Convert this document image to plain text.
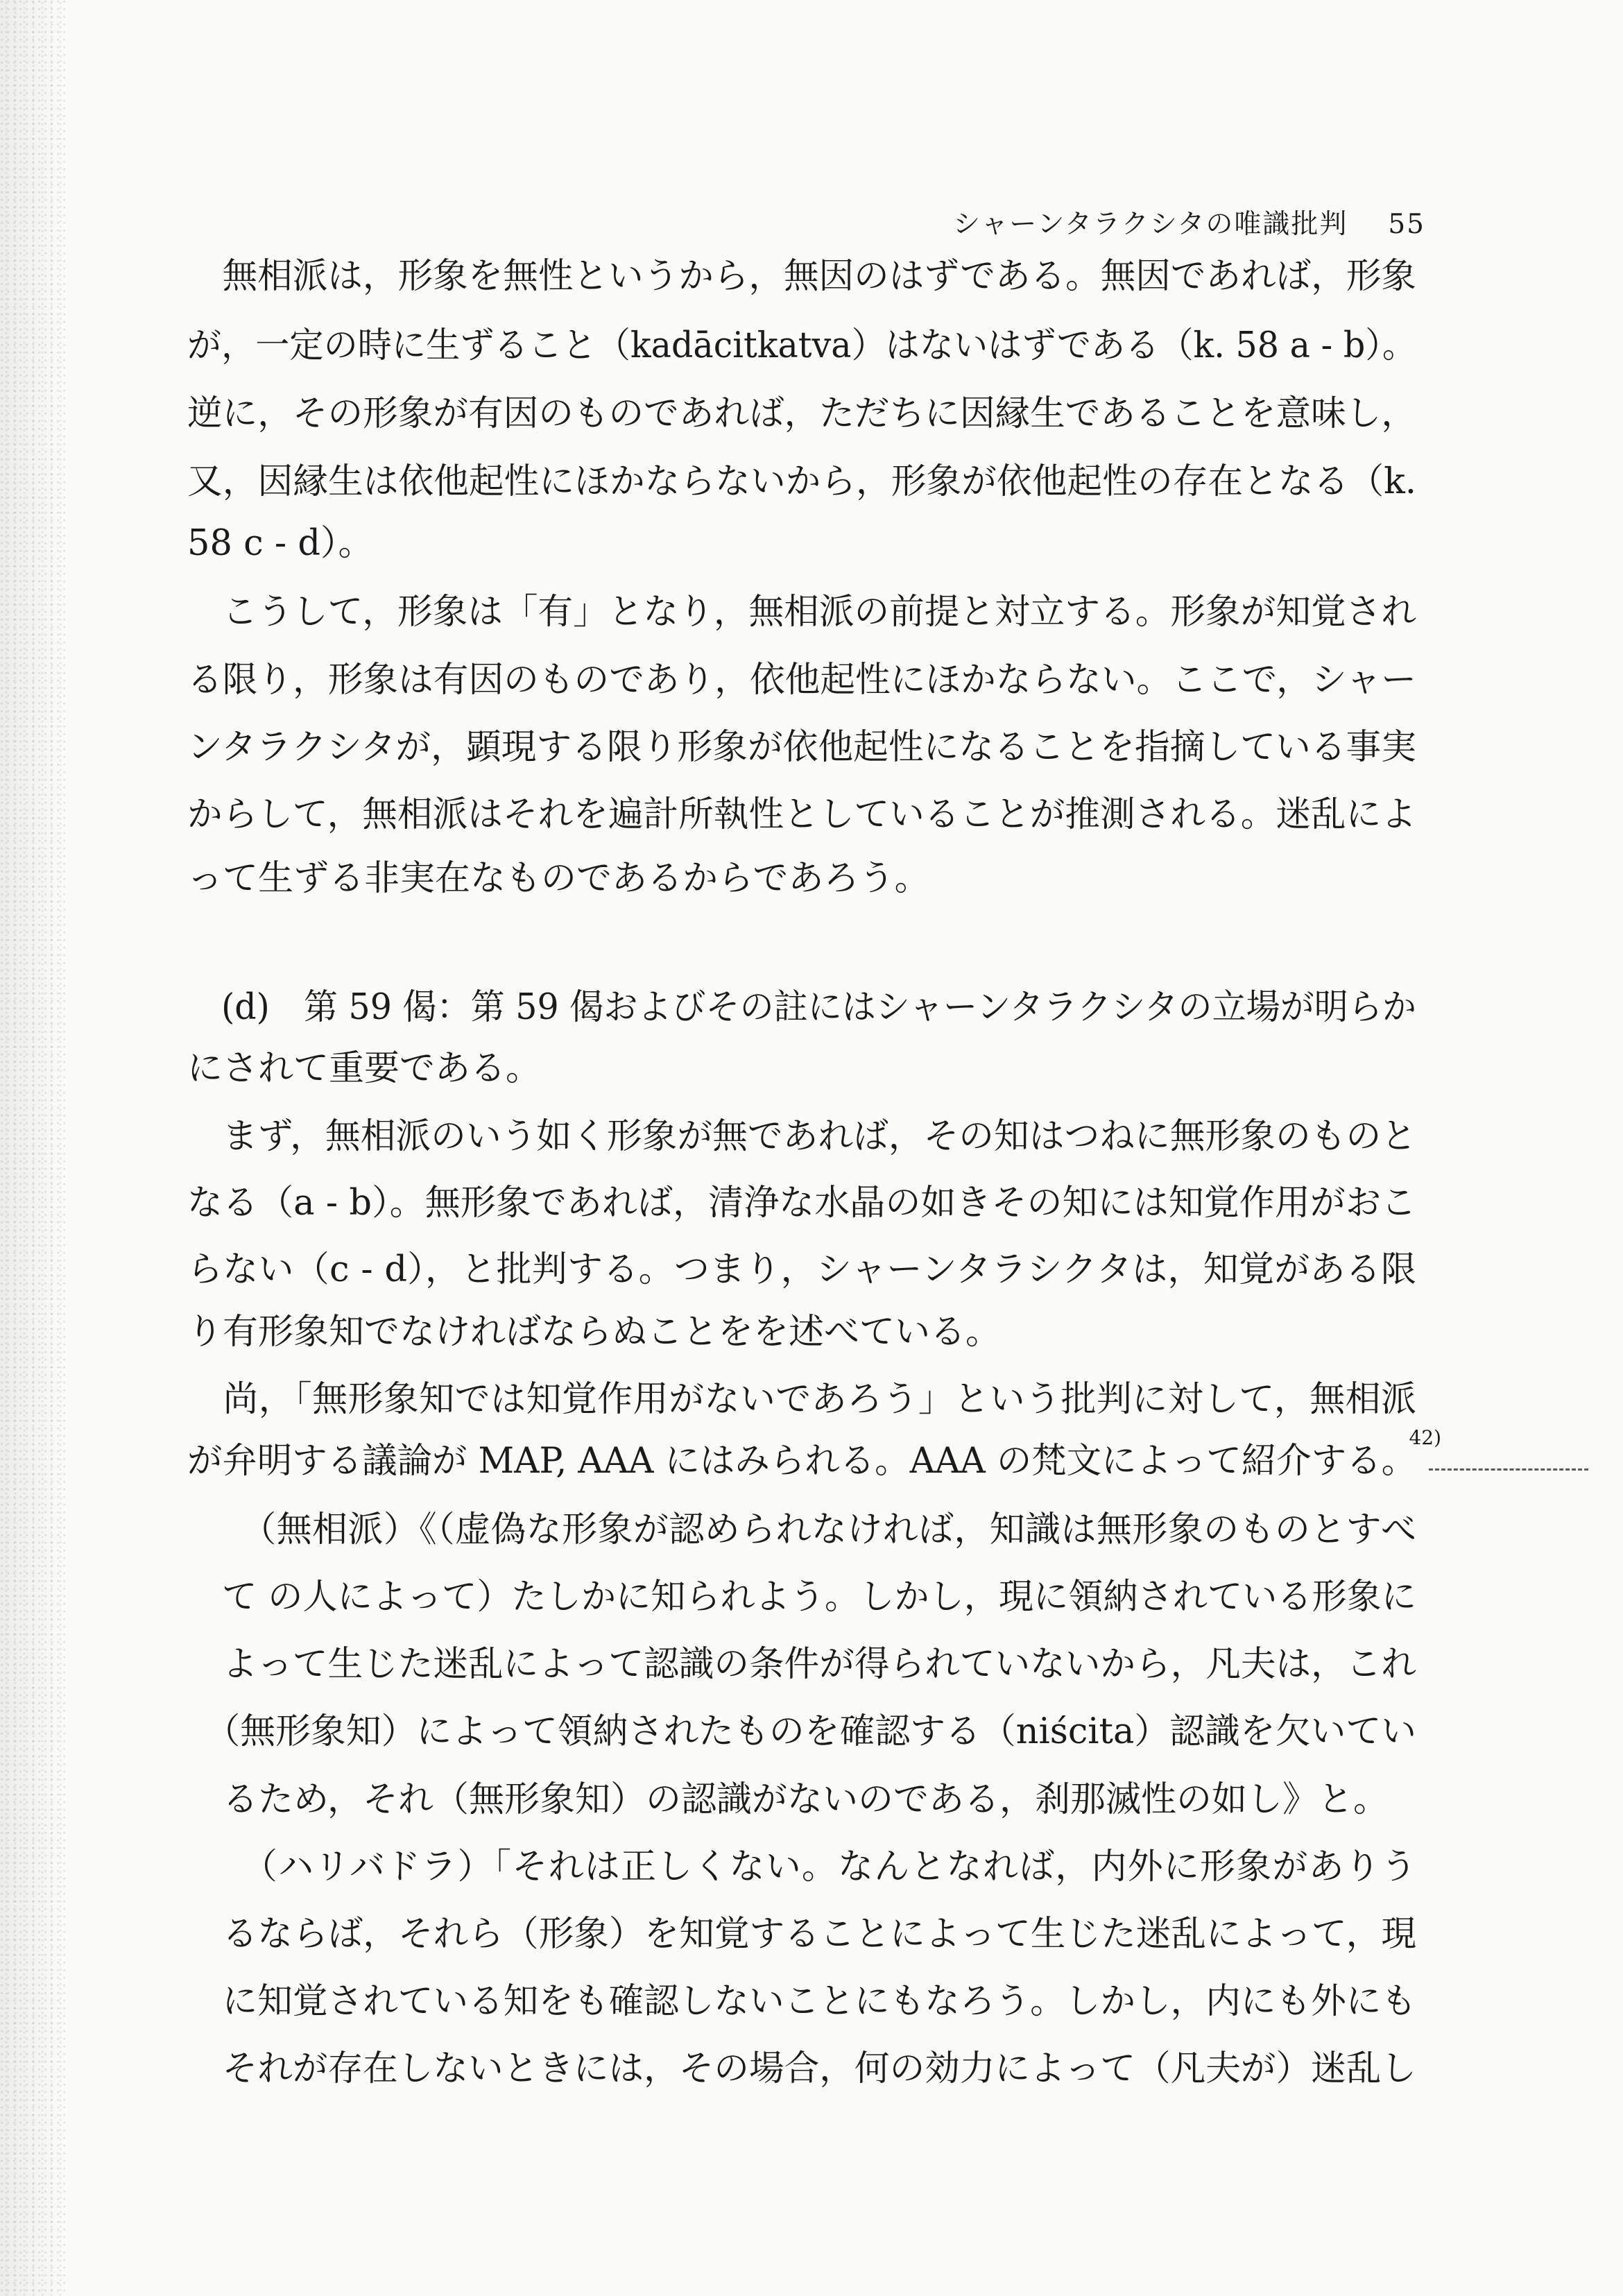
シャーンタラクシタの唯識批判 55
　無相派は，形象を無性というから，無因のはずである。無因であれば，形象
が，一定の時に生ずること（kadācitkatva）はないはずである（k. 58 a - b）。
逆に，その形象が有因のものであれば，ただちに因縁生であることを意味し，
又，因縁生は依他起性にほかならないから，形象が依他起性の存在となる（k.
58 c - d）。
　こうして，形象は「有」となり，無相派の前提と対立する。形象が知覚され
る限り，形象は有因のものであり，依他起性にほかならない。ここで，シャー
ンタラクシタが，顕現する限り形象が依他起性になることを指摘している事実
からして，無相派はそれを遍計所執性としていることが推測される。迷乱によ
って生ずる非実在なものであるからであろう。
　(d)　第 59 偈：第 59 偈およびその註にはシャーンタラクシタの立場が明らか
にされて重要である。
　まず，無相派のいう如く形象が無であれば，その知はつねに無形象のものと
なる（a - b）。無形象であれば，清浄な水晶の如きその知には知覚作用がおこ
らない（c - d），と批判する。つまり，シャーンタラシクタは，知覚がある限
り有形象知でなければならぬことをを述べている。
　尚，「無形象知では知覚作用がないであろう」という批判に対して，無相派
が弁明する議論が MAP, AAA にはみられる。AAA の梵文によって紹介する。
42)
　　（無相派）《（虚偽な形象が認められなければ，知識は無形象のものとすべ
　て の人によって）たしかに知られよう。しかし，現に領納されている形象に
　よって生じた迷乱によって認識の条件が得られていないから，凡夫は，これ
　（無形象知）によって領納されたものを確認する（niścita）認識を欠いてい
　るため，それ（無形象知）の認識がないのである，刹那滅性の如し》と。
　　（ハリバドラ）「それは正しくない。なんとなれば，内外に形象がありう
　るならば，それら（形象）を知覚することによって生じた迷乱によって，現
　に知覚されている知をも確認しないことにもなろう。しかし，内にも外にも
　それが存在しないときには，その場合，何の効力によって（凡夫が）迷乱し
